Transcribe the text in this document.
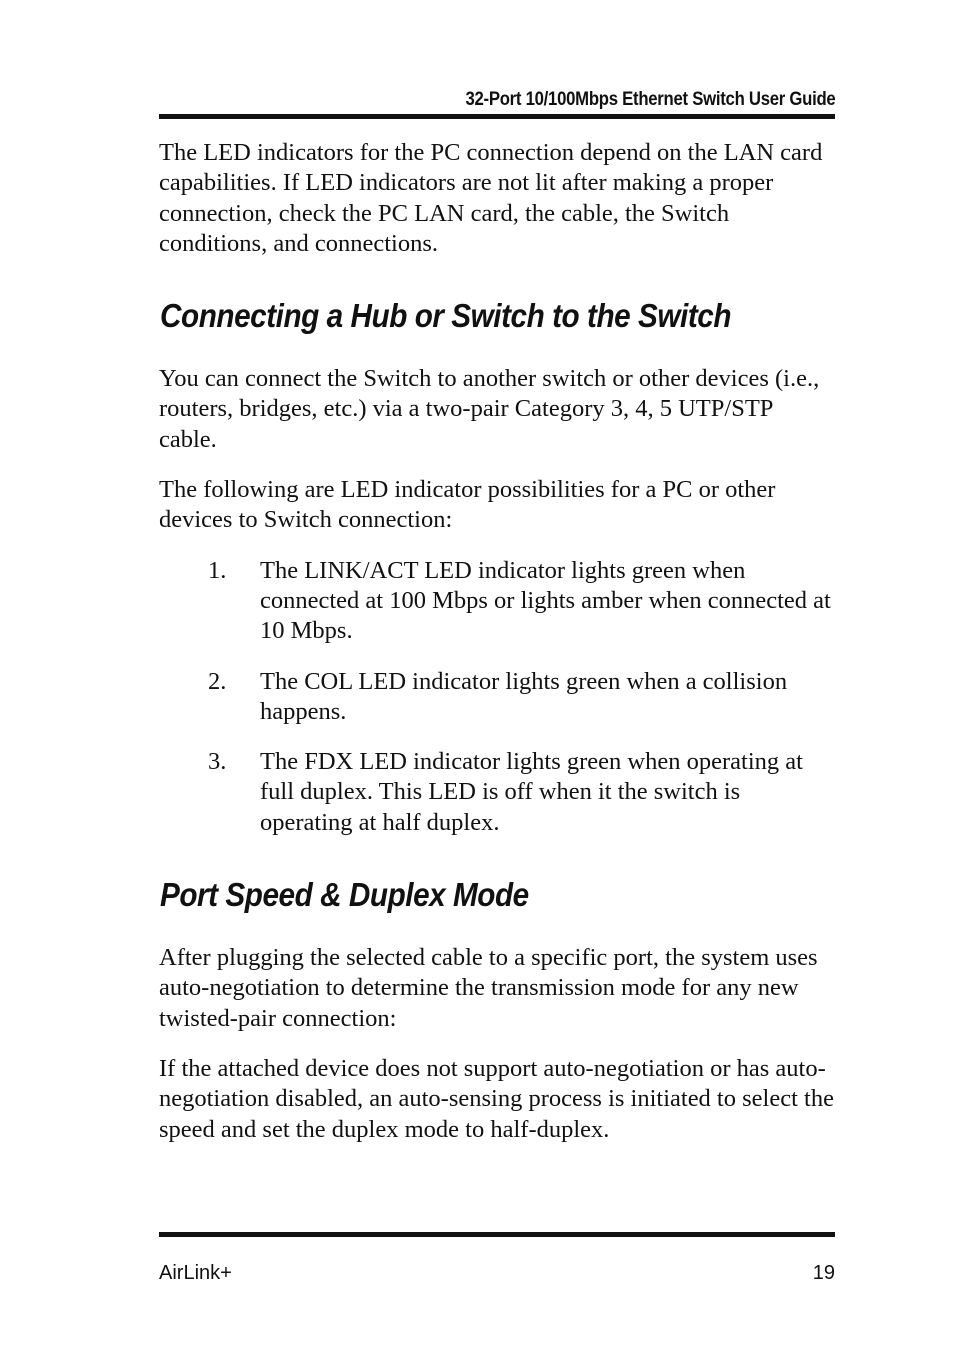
32-Port 10/100Mbps Ethernet Switch User Guide

The LED indicators for the PC connection depend on the LAN card capabilities. If LED indicators are not lit after making a proper connection, check the PC LAN card, the cable, the Switch conditions, and connections.

Connecting a Hub or Switch to the Switch

You can connect the Switch to another switch or other devices (i.e., routers, bridges, etc.) via a two-pair Category 3, 4, 5 UTP/STP cable.

The following are LED indicator possibilities for a PC or other devices to Switch connection:

1. The LINK/ACT LED indicator lights green when connected at 100 Mbps or lights amber when connected at 10 Mbps.
2. The COL LED indicator lights green when a collision happens.
3. The FDX LED indicator lights green when operating at full duplex. This LED is off when it the switch is operating at half duplex.
Port Speed & Duplex Mode

After plugging the selected cable to a specific port, the system uses auto-negotiation to determine the transmission mode for any new twisted-pair connection:

If the attached device does not support auto-negotiation or has auto-negotiation disabled, an auto-sensing process is initiated to select the speed and set the duplex mode to half-duplex.

AirLink+	19
